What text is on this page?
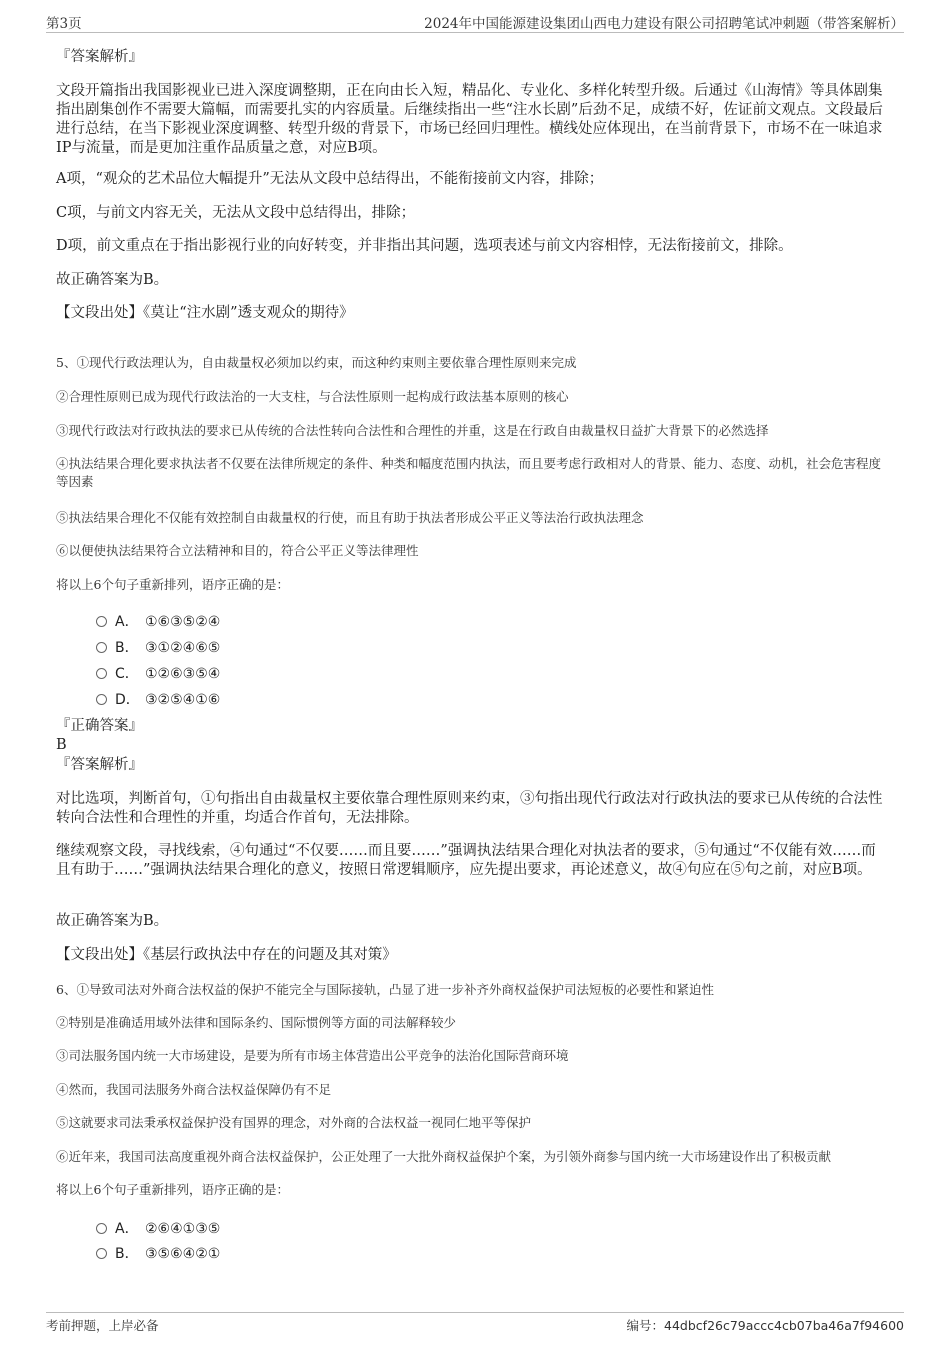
第3页	2024年中国能源建设集团山西电力建设有限公司招聘笔试冲刺题（带答案解析）
『答案解析』
文段开篇指出我国影视业已进入深度调整期，正在向由长入短，精品化、专业化、多样化转型升级。后通过《山海情》等具体剧集指出剧集创作不需要大篇幅，而需要扎实的内容质量。后继续指出一些“注水长剧”后劲不足，成绩不好，佐证前文观点。文段最后进行总结，在当下影视业深度调整、转型升级的背景下，市场已经回归理性。横线处应体现出，在当前背景下，市场不在一味追求IP与流量，而是更加注重作品质量之意，对应B项。
A项，“观众的艺术品位大幅提升”无法从文段中总结得出，不能衔接前文内容，排除；
C项，与前文内容无关，无法从文段中总结得出，排除；
D项，前文重点在于指出影视行业的向好转变，并非指出其问题，选项表述与前文内容相悖，无法衔接前文，排除。
故正确答案为B。
【文段出处】《莫让“注水剧”透支观众的期待》
5、①现代行政法理认为，自由裁量权必须加以约束，而这种约束则主要依靠合理性原则来完成
②合理性原则已成为现代行政法治的一大支柱，与合法性原则一起构成行政法基本原则的核心
③现代行政法对行政执法的要求已从传统的合法性转向合法性和合理性的并重，这是在行政自由裁量权日益扩大背景下的必然选择
④执法结果合理化要求执法者不仅要在法律所规定的条件、种类和幅度范围内执法，而且要考虑行政相对人的背景、能力、态度、动机，社会危害程度等因素
⑤执法结果合理化不仅能有效控制自由裁量权的行使，而且有助于执法者形成公平正义等法治行政执法理念
⑥以便使执法结果符合立法精神和目的，符合公平正义等法律理性
将以上6个句子重新排列，语序正确的是：
A． ①⑥③⑤②④
B． ③①②④⑥⑤
C． ①②⑥③⑤④
D． ③②⑤④①⑥
『正确答案』
B
『答案解析』
对比选项，判断首句，①句指出自由裁量权主要依靠合理性原则来约束，③句指出现代行政法对行政执法的要求已从传统的合法性转向合法性和合理性的并重，均适合作首句，无法排除。
继续观察文段，寻找线索，④句通过“不仅要……而且要……”强调执法结果合理化对执法者的要求，⑤句通过“不仅能有效……而且有助于……”强调执法结果合理化的意义，按照日常逻辑顺序，应先提出要求，再论述意义，故④句应在⑤句之前，对应B项。
故正确答案为B。
【文段出处】《基层行政执法中存在的问题及其对策》
6、①导致司法对外商合法权益的保护不能完全与国际接轨，凸显了进一步补齐外商权益保护司法短板的必要性和紧迫性
②特别是准确适用域外法律和国际条约、国际惯例等方面的司法解释较少
③司法服务国内统一大市场建设，是要为所有市场主体营造出公平竞争的法治化国际营商环境
④然而，我国司法服务外商合法权益保障仍有不足
⑤这就要求司法秉承权益保护没有国界的理念，对外商的合法权益一视同仁地平等保护
⑥近年来，我国司法高度重视外商合法权益保护，公正处理了一大批外商权益保护个案，为引领外商参与国内统一大市场建设作出了积极贡献
将以上6个句子重新排列，语序正确的是：
A． ②⑥④①③⑤
B． ③⑤⑥④②①
考前押题，上岸必备	编号：44dbcf26c79accc4cb07ba46a7f94600
